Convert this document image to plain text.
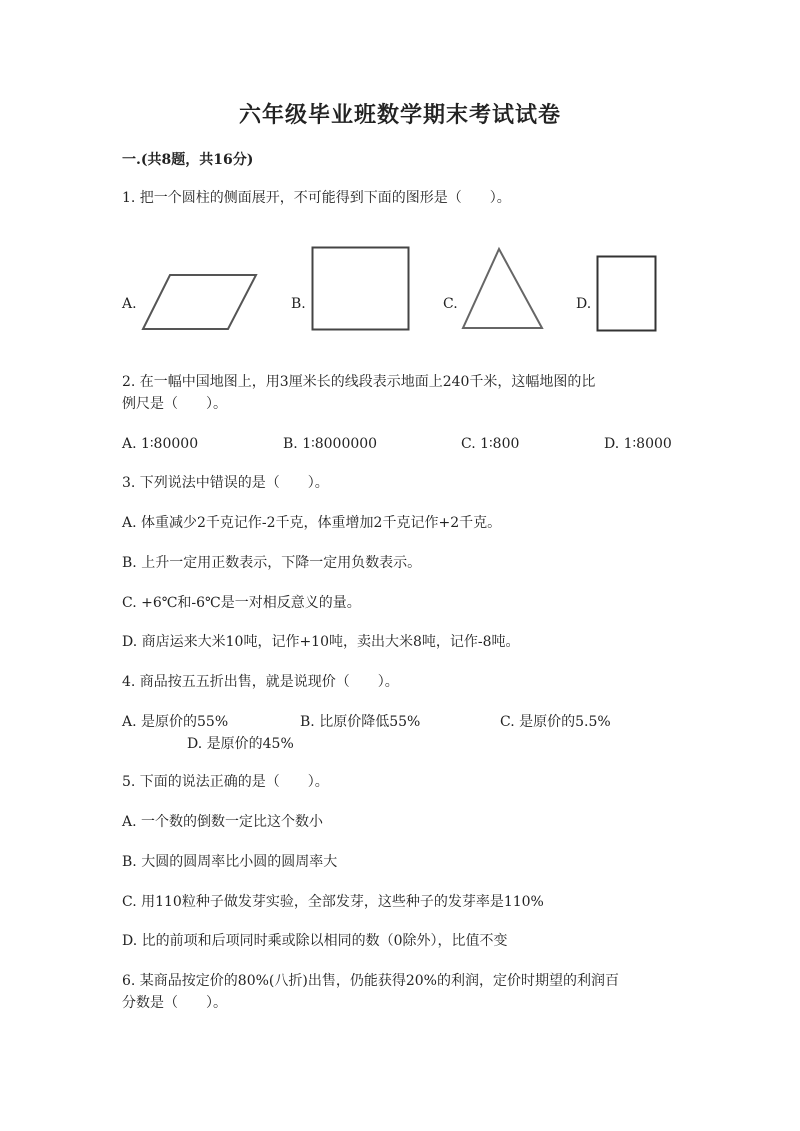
六年级毕业班数学期末考试试卷
一.(共8题，共16分)
1. 把一个圆柱的侧面展开，不可能得到下面的图形是（　　）。
A.	B.	C.	D.
2. 在一幅中国地图上，用3厘米长的线段表示地面上240千米，这幅地图的比
例尺是（　　）。
A. 1∶80000	B. 1∶8000000	C. 1∶800	D. 1∶8000
3. 下列说法中错误的是（　　）。
A. 体重减少2千克记作-2千克，体重增加2千克记作+2千克。
B. 上升一定用正数表示，下降一定用负数表示。
C. +6℃和-6℃是一对相反意义的量。
D. 商店运来大米10吨，记作+10吨，卖出大米8吨，记作-8吨。
4. 商品按五五折出售，就是说现价（　　）。
A. 是原价的55%	B. 比原价降低55%	C. 是原价的5.5%
D. 是原价的45%
5. 下面的说法正确的是（　　）。
A. 一个数的倒数一定比这个数小
B. 大圆的圆周率比小圆的圆周率大
C. 用110粒种子做发芽实验，全部发芽，这些种子的发芽率是110%
D. 比的前项和后项同时乘或除以相同的数（0除外），比值不变
6. 某商品按定价的80%(八折)出售，仍能获得20%的利润，定价时期望的利润百
分数是（　　）。
